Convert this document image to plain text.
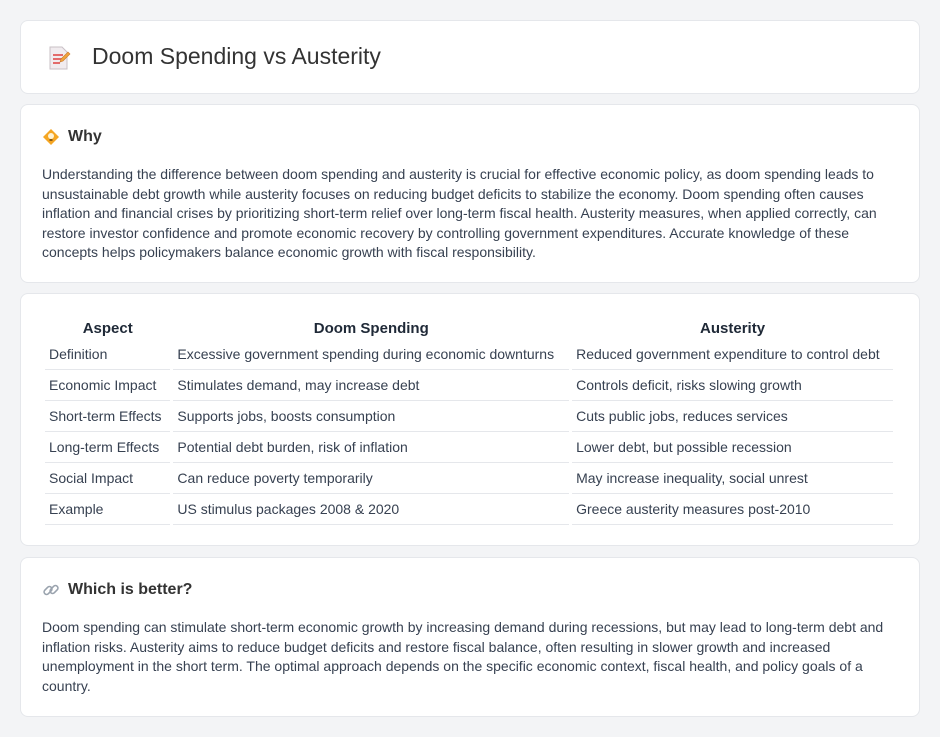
Doom Spending vs Austerity
Why

Understanding the difference between doom spending and austerity is crucial for effective economic policy, as doom spending leads to unsustainable debt growth while austerity focuses on reducing budget deficits to stabilize the economy. Doom spending often causes inflation and financial crises by prioritizing short-term relief over long-term fiscal health. Austerity measures, when applied correctly, can restore investor confidence and promote economic recovery by controlling government expenditures. Accurate knowledge of these concepts helps policymakers balance economic growth with fiscal responsibility.

Aspect	Doom Spending	Austerity
Definition	Excessive government spending during economic downturns	Reduced government expenditure to control debt
Economic Impact	Stimulates demand, may increase debt	Controls deficit, risks slowing growth
Short-term Effects	Supports jobs, boosts consumption	Cuts public jobs, reduces services
Long-term Effects	Potential debt burden, risk of inflation	Lower debt, but possible recession
Social Impact	Can reduce poverty temporarily	May increase inequality, social unrest
Example	US stimulus packages 2008 & 2020	Greece austerity measures post-2010
Which is better?

Doom spending can stimulate short-term economic growth by increasing demand during recessions, but may lead to long-term debt and inflation risks. Austerity aims to reduce budget deficits and restore fiscal balance, often resulting in slower growth and increased unemployment in the short term. The optimal approach depends on the specific economic context, fiscal health, and policy goals of a country.
